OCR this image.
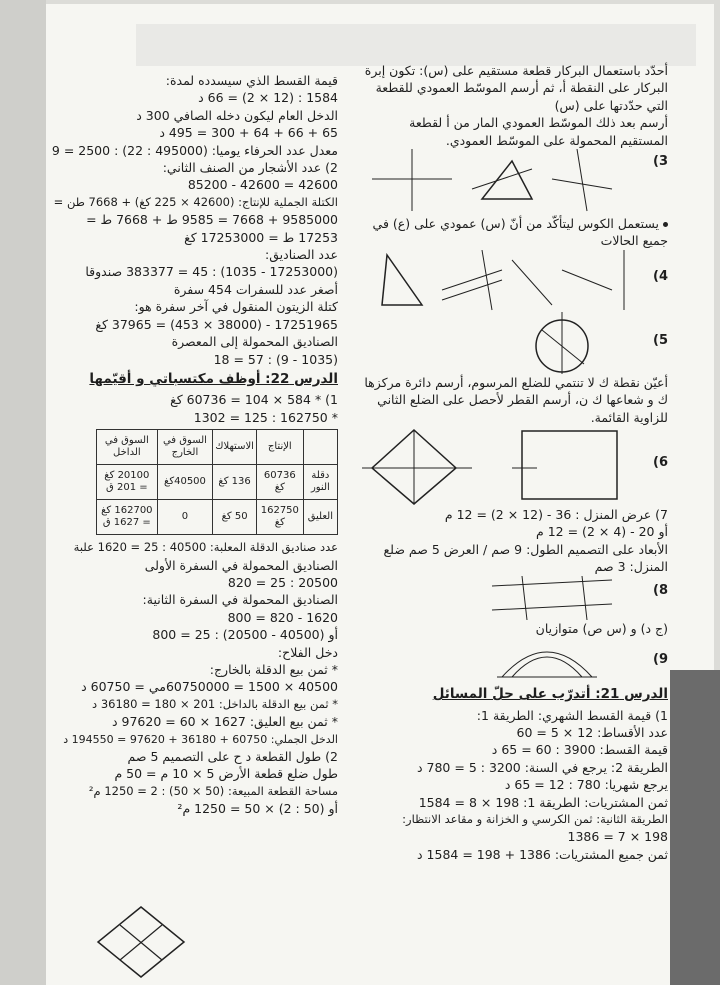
قيمة القسط الذي سيسدده لمدة:
1584 : (12 × 2) = 66 د
الدخل العام ليكون دخله الصافي 300 د
65 + 66 + 64 + 300 = 495 د
معدل عدد الحرفاء يوميا: (495000 : 22) : 2500 = 9
2) عدد الأشجار من الصنف الثاني:
42600 = 42600 - 85200
الكتلة الجملية للإنتاج: (42600 × 225 كغ) + 7668 طن =
9585000 + 7668 = 9585 ط + 7668 ط =
17253 ط = 17253000 كغ
عدد الصناديق:
(17253000 - 1035) : 45 = 383377 صندوقا
أصغر عدد للسفرات 454 سفرة
كتلة الزيتون المنقول في آخر سفرة هو:
17251965 - (38000 × 453) = 37965 كغ
الصناديق المحمولة إلى المعصرة
(1035 - 9) : 57 = 18
الدرس 22: أوظف مكتسباتي و أقيّمها
1) * 584 × 104 = 60736 كغ
* 162750 : 125 = 1302
	الإنتاج	الاستهلاك	السوق في الخارج	السوق في الداخل
دقلة النور	60736 كغ	136 كغ	40500كغ	20100 كغ = 201 ق
العليق	162750 كغ	50 كغ	0	162700 كغ = 1627 ق
عدد صناديق الدقلة المعلبة: 40500 : 25 = 1620 علبة
الصناديق المحمولة في السفرة الأولى
20500 : 25 = 820
الصناديق المحمولة في السفرة الثانية:
1620 - 820 = 800
أو (40500 - 20500) : 25 = 800
دخل الفلاح:
* ثمن بيع الدقلة بالخارج:
40500 × 1500 = 60750000مي = 60750 د
* ثمن بيع الدقلة بالداخل: 201 × 180 = 36180 د
* ثمن بيع العليق: 1627 × 60 = 97620 د
الدخل الجملي: 60750 + 36180 + 97620 = 194550 د
2) طول القطعة د ح على التصميم 5 صم
طول ضلع قطعة الأرض 5 × 10 م = 50 م
مساحة القطعة المبيعة: (50 × 50) : 2 = 1250 م²
أو (50 : 2) × 50 = 1250 م²
أحدّد باستعمال البركار قطعة مستقيم على (س): تكون إبرة البركار على النقطة أ، ثم أرسم الموسّط العمودي للقطعة التي حدّدتها على (س)
أرسم بعد ذلك الموسّط العمودي المار من أ لقطعة المستقيم المحمولة على الموسّط العمودي.
3)
يستعمل الكوس ليتأكّد من أنّ (س) عمودي على (ع) في جميع الحالات
4)
5)
أعيّن نقطة ك لا تنتمي للضلع المرسوم، أرسم دائرة مركزها ك و شعاعها ك ن، أرسم القطر لأحصل على الضلع الثاني للزاوية القائمة.
6)
7) عرض المنزل : 36 - (12 × 2) = 12 م
أو 20 - (4 × 2) = 12 م
الأبعاد على التصميم الطول: 9 صم / العرض 5 صم ضلع المنزل: 3 صم
8)
(ج د) و (س ص) متوازيان
9)
الدرس 21: أتدرّب على حلّ المسائل
1) قيمة القسط الشهري: الطريقة 1:
عدد الأقساط: 12 × 5 = 60
قيمة القسط: 3900 : 60 = 65 د
الطريقة 2: يرجع في السنة: 3200 : 5 = 780 د
يرجع شهريا: 780 : 12 = 65 د
ثمن المشتريات: الطريقة 1: 198 × 8 = 1584
الطريقة الثانية: ثمن الكرسي و الخزانة و مقاعد الانتظار:
198 × 7 = 1386
ثمن جميع المشتريات: 1386 + 198 = 1584 د
